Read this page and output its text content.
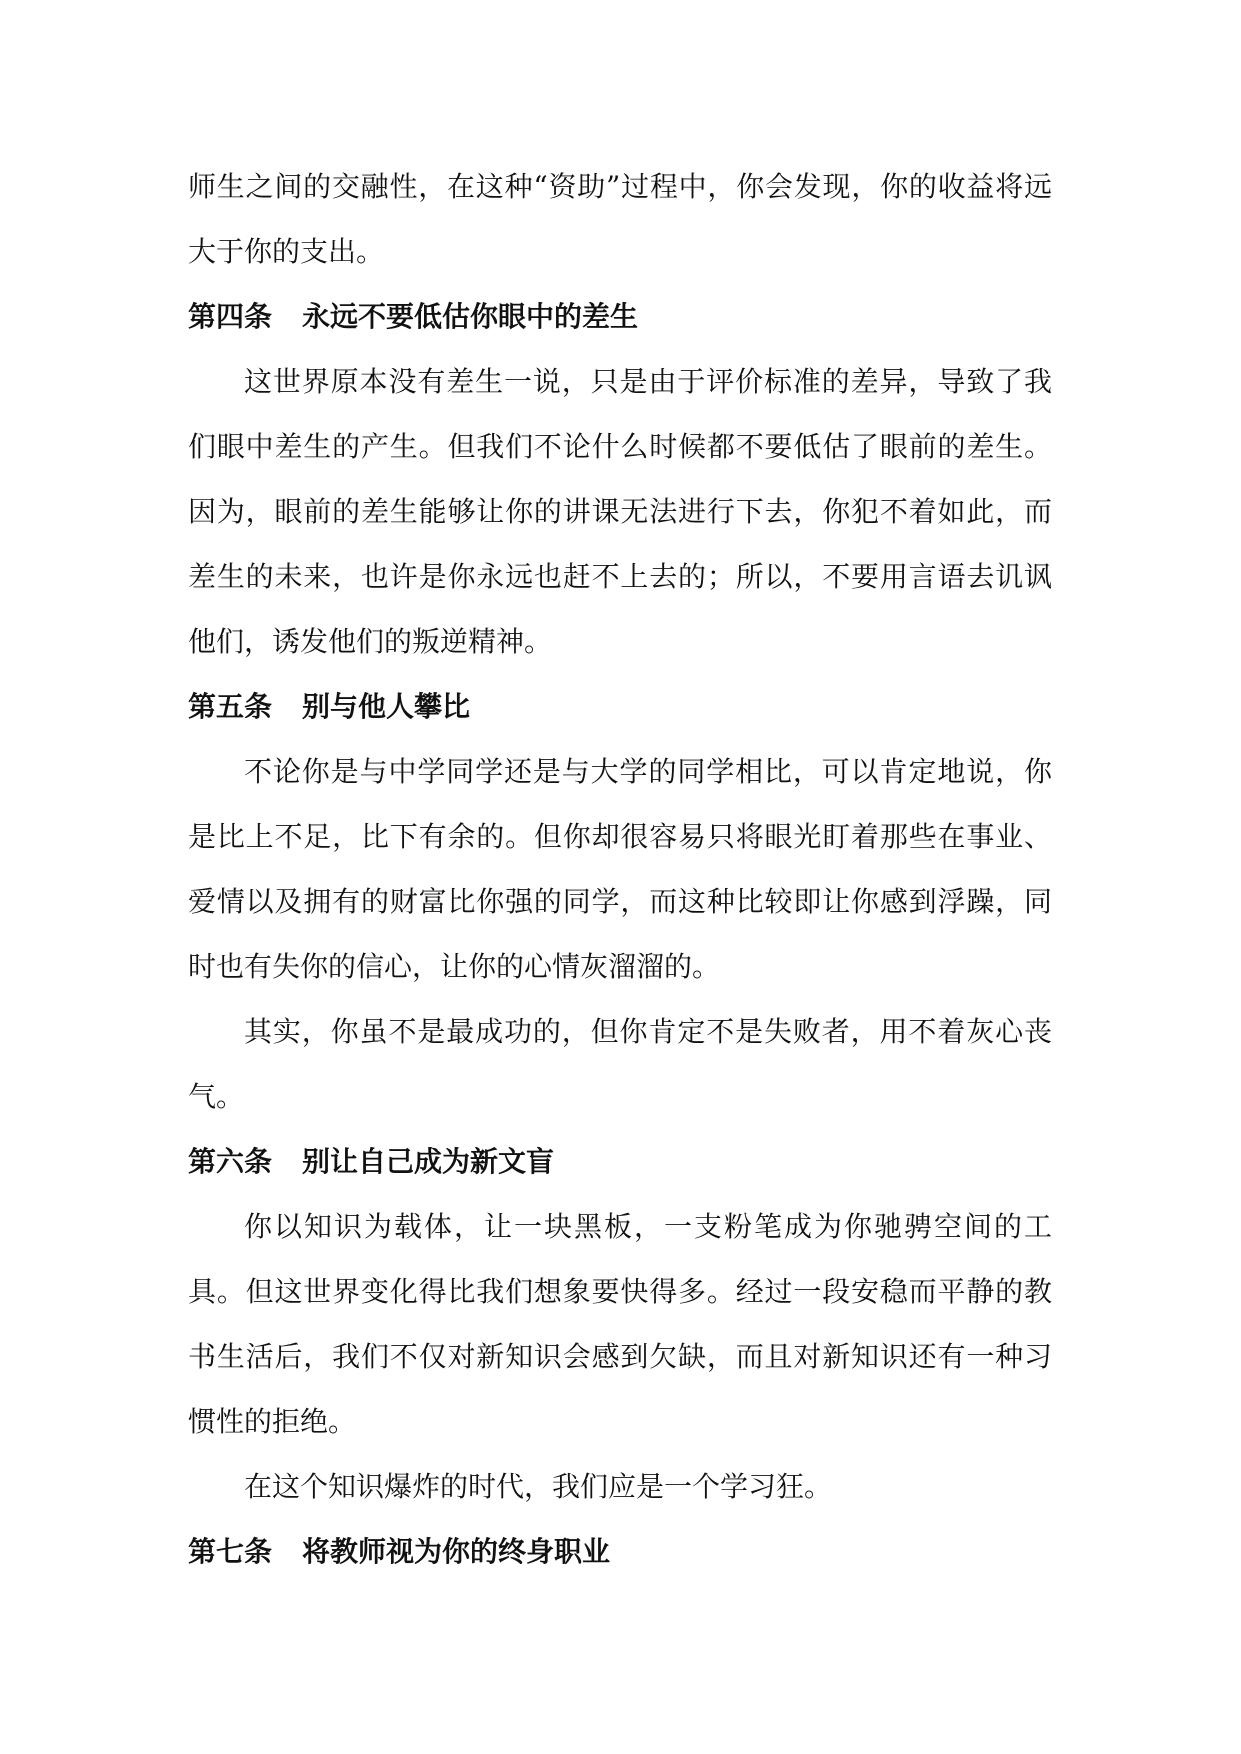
师生之间的交融性，在这种“资助”过程中，你会发现，你的收益将远大于你的支出。

第四条 永远不要低估你眼中的差生

这世界原本没有差生一说，只是由于评价标准的差异，导致了我们眼中差生的产生。但我们不论什么时候都不要低估了眼前的差生。因为，眼前的差生能够让你的讲课无法进行下去，你犯不着如此，而差生的未来，也许是你永远也赶不上去的；所以，不要用言语去讥讽他们，诱发他们的叛逆精神。

第五条 别与他人攀比

不论你是与中学同学还是与大学的同学相比，可以肯定地说，你是比上不足，比下有余的。但你却很容易只将眼光盯着那些在事业、爱情以及拥有的财富比你强的同学，而这种比较即让你感到浮躁，同时也有失你的信心，让你的心情灰溜溜的。

其实，你虽不是最成功的，但你肯定不是失败者，用不着灰心丧气。

第六条 别让自己成为新文盲

你以知识为载体，让一块黑板，一支粉笔成为你驰骋空间的工具。但这世界变化得比我们想象要快得多。经过一段安稳而平静的教书生活后，我们不仅对新知识会感到欠缺，而且对新知识还有一种习惯性的拒绝。

在这个知识爆炸的时代，我们应是一个学习狂。

第七条 将教师视为你的终身职业
